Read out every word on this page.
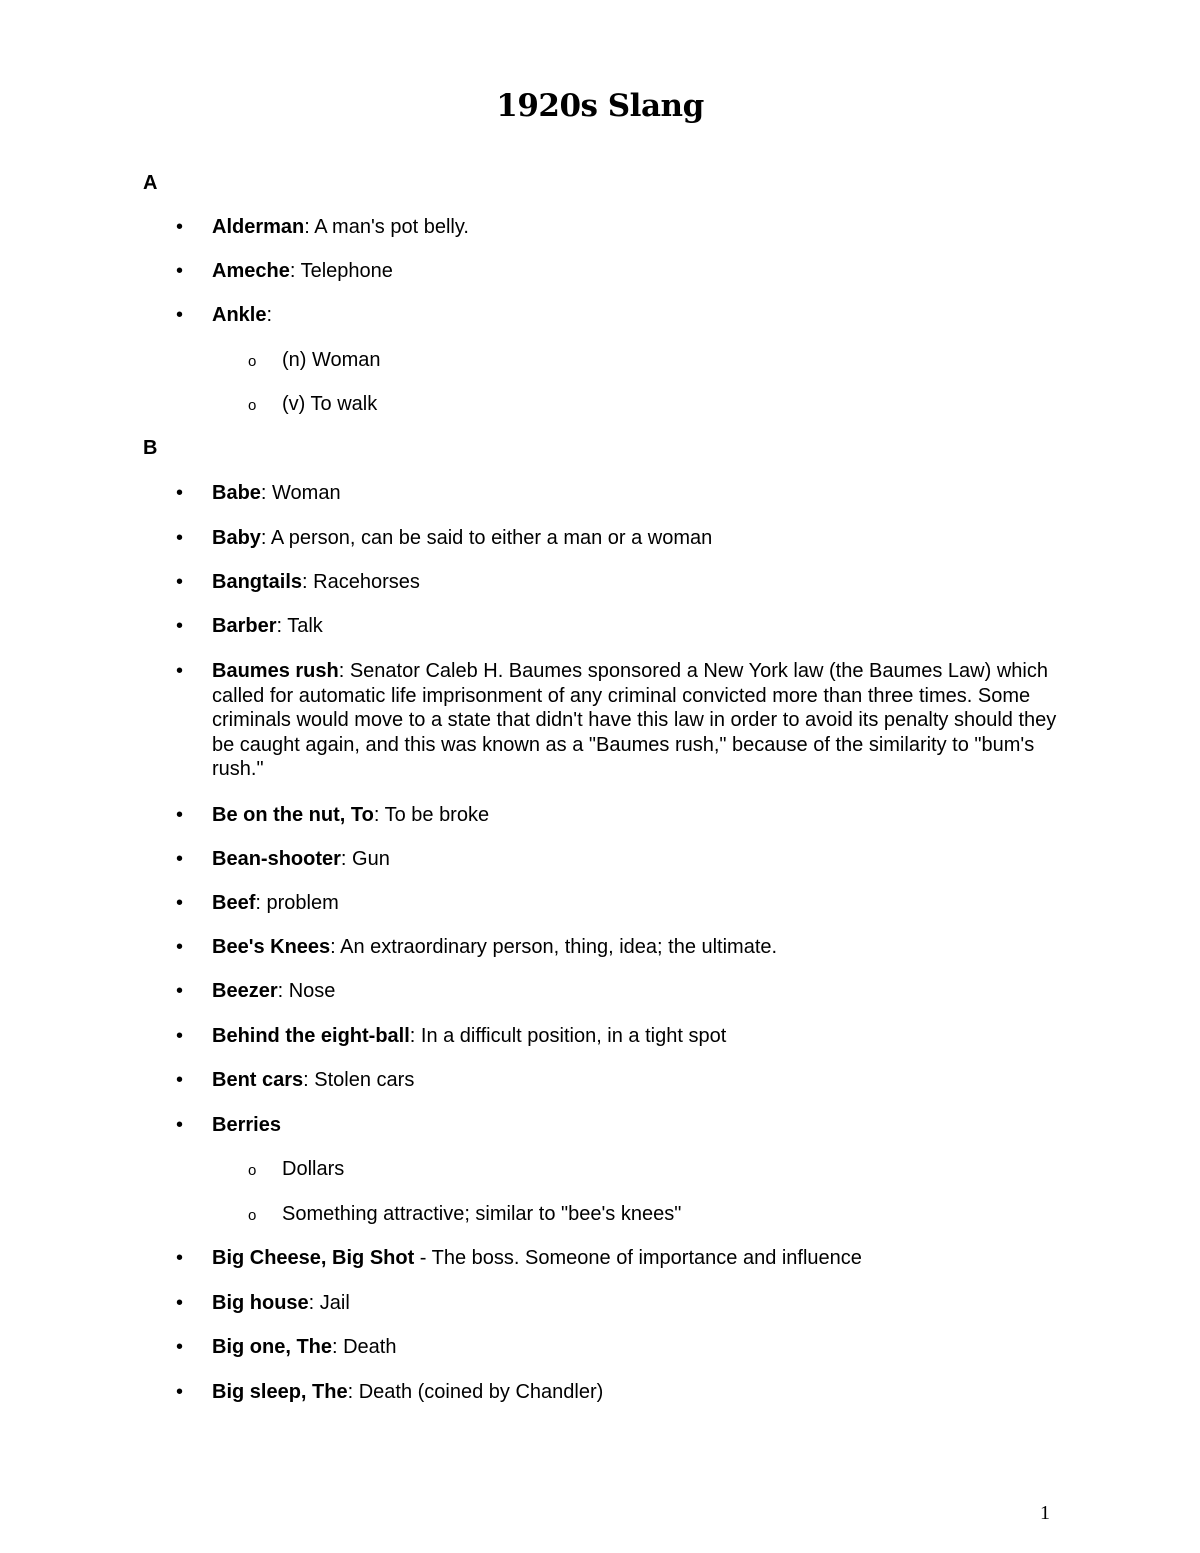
1920s Slang
A
• Alderman: A man's pot belly.
• Ameche: Telephone
• Ankle:
o (n) Woman
o (v) To walk
B
• Babe: Woman
• Baby: A person, can be said to either a man or a woman
• Bangtails: Racehorses
• Barber: Talk
• Baumes rush: Senator Caleb H. Baumes sponsored a New York law (the Baumes Law) which called for automatic life imprisonment of any criminal convicted more than three times. Some criminals would move to a state that didn't have this law in order to avoid its penalty should they be caught again, and this was known as a "Baumes rush," because of the similarity to "bum's rush."
• Be on the nut, To: To be broke
• Bean-shooter: Gun
• Beef: problem
• Bee's Knees: An extraordinary person, thing, idea; the ultimate.
• Beezer: Nose
• Behind the eight-ball: In a difficult position, in a tight spot
• Bent cars: Stolen cars
• Berries
o Dollars
o Something attractive; similar to "bee's knees"
• Big Cheese, Big Shot - The boss. Someone of importance and influence
• Big house: Jail
• Big one, The: Death
• Big sleep, The: Death (coined by Chandler)
1
